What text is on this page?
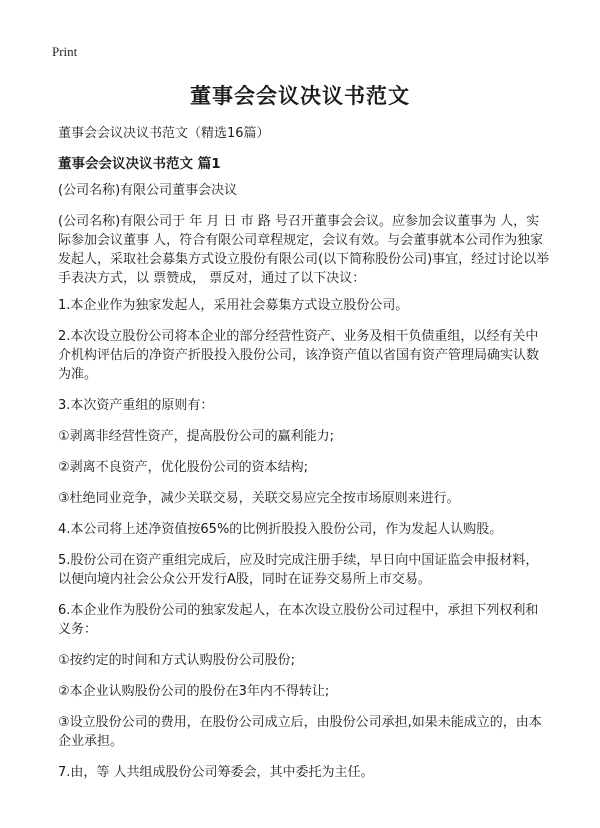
Print
董事会会议决议书范文

董事会会议决议书范文（精选16篇）

董事会会议决议书范文 篇1

(公司名称)有限公司董事会决议

(公司名称)有限公司于 年 月 日 市 路 号召开董事会会议。应参加会议董事为 人，实际参加会议董事 人，符合有限公司章程规定，会议有效。与会董事就本公司作为独家发起人，采取社会募集方式设立股份有限公司(以下简称股份公司)事宜，经过讨论以举手表决方式，以 票赞成， 票反对，通过了以下决议：

1.本企业作为独家发起人，采用社会募集方式设立股份公司。

2.本次设立股份公司将本企业的部分经营性资产、业务及相干负债重组，以经有关中介机构评估后的净资产折股投入股份公司，该净资产值以省国有资产管理局确实认数为准。

3.本次资产重组的原则有：

①剥离非经营性资产，提高股份公司的赢利能力;

②剥离不良资产，优化股份公司的资本结构;

③杜绝同业竞争，减少关联交易，关联交易应完全按市场原则来进行。

4.本公司将上述净资值按65%的比例折股投入股份公司，作为发起人认购股。

5.股份公司在资产重组完成后，应及时完成注册手续，早日向中国证监会申报材料，以便向境内社会公众公开发行A股，同时在证券交易所上市交易。

6.本企业作为股份公司的独家发起人，在本次设立股份公司过程中，承担下列权利和义务：

①按约定的时间和方式认购股份公司股份;

②本企业认购股份公司的股份在3年内不得转让;

③设立股份公司的费用，在股份公司成立后，由股份公司承担,如果未能成立的，由本企业承担。

7.由，等 人共组成股份公司筹委会，其中委托为主任。
